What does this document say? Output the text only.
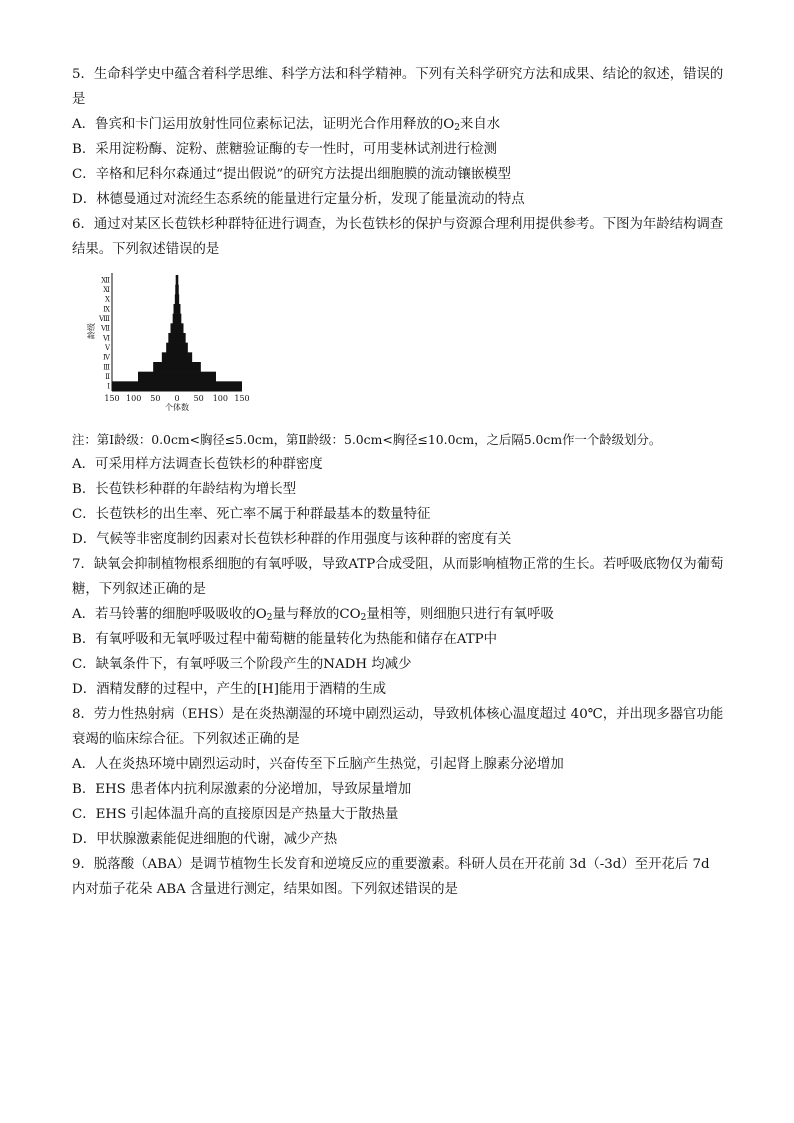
5．生命科学史中蕴含着科学思维、科学方法和科学精神。下列有关科学研究方法和成果、结论的叙述，错误的是

A．鲁宾和卡门运用放射性同位素标记法，证明光合作用释放的$O_2$来自水

B．采用淀粉酶、淀粉、蔗糖验证酶的专一性时，可用斐林试剂进行检测

C．辛格和尼科尔森通过“提出假说”的研究方法提出细胞膜的流动镶嵌模型

D．林德曼通过对流经生态系统的能量进行定量分析，发现了能量流动的特点

6．通过对某区长苞铁杉种群特征进行调查，为长苞铁杉的保护与资源合理利用提供参考。下图为年龄结构调查结果。下列叙述错误的是

Ⅰ
Ⅱ
Ⅲ
Ⅳ
Ⅴ
Ⅵ
Ⅶ
Ⅷ
Ⅸ
Ⅹ
Ⅺ
Ⅻ
龄级
150 100 50 0 50 100 150
个体数

注：第Ⅰ龄级：0.0cm<胸径≤5.0cm，第Ⅱ龄级：5.0cm<胸径≤10.0cm，之后隔5.0cm作一个龄级划分。

A．可采用样方法调查长苞铁杉的种群密度

B．长苞铁杉种群的年龄结构为增长型

C．长苞铁杉的出生率、死亡率不属于种群最基本的数量特征

D．气候等非密度制约因素对长苞铁杉种群的作用强度与该种群的密度有关

7．缺氧会抑制植物根系细胞的有氧呼吸，导致ATP合成受阻，从而影响植物正常的生长。若呼吸底物仅为葡萄糖，下列叙述正确的是

A．若马铃薯的细胞呼吸吸收的$O_2$量与释放的$CO_2$量相等，则细胞只进行有氧呼吸

B．有氧呼吸和无氧呼吸过程中葡萄糖的能量转化为热能和储存在ATP中

C．缺氧条件下，有氧呼吸三个阶段产生的NADH 均减少

D．酒精发酵的过程中，产生的[H]能用于酒精的生成

8．劳力性热射病（EHS）是在炎热潮湿的环境中剧烈运动，导致机体核心温度超过 40℃，并出现多器官功能衰竭的临床综合征。下列叙述正确的是

A．人在炎热环境中剧烈运动时，兴奋传至下丘脑产生热觉，引起肾上腺素分泌增加

B．EHS 患者体内抗利尿激素的分泌增加，导致尿量增加

C．EHS 引起体温升高的直接原因是产热量大于散热量

D．甲状腺激素能促进细胞的代谢，减少产热

9．脱落酸（ABA）是调节植物生长发育和逆境反应的重要激素。科研人员在开花前 3d（-3d）至开花后 7d 内对茄子花朵 ABA 含量进行测定，结果如图。下列叙述错误的是
